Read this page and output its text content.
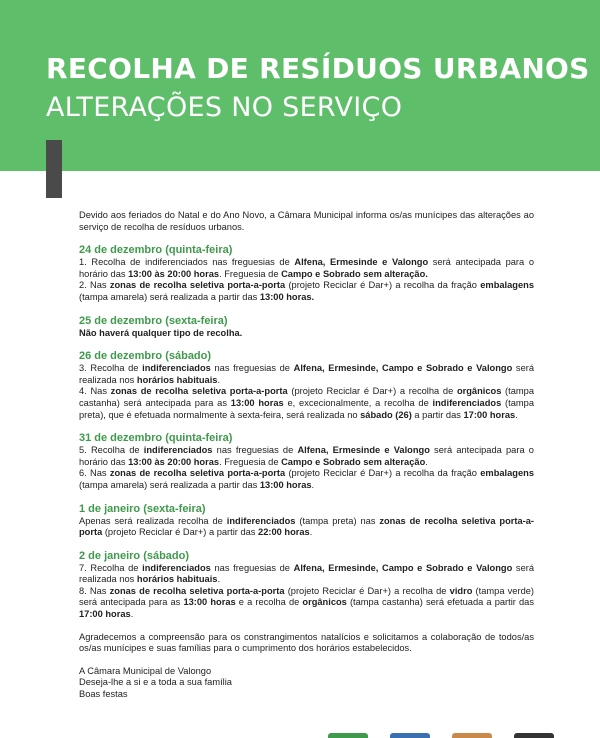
RECOLHA DE RESÍDUOS URBANOS
ALTERAÇÕES NO SERVIÇO

Devido aos feriados do Natal e do Ano Novo, a Câmara Municipal informa os/as munícipes das alterações ao serviço de recolha de resíduos urbanos.

24 de dezembro (quinta-feira)
1. Recolha de indiferenciados nas freguesias de Alfena, Ermesinde e Valongo será antecipada para o horário das 13:00 às 20:00 horas. Freguesia de Campo e Sobrado sem alteração.
2. Nas zonas de recolha seletiva porta-a-porta (projeto Reciclar é Dar+) a recolha da fração embalagens (tampa amarela) será realizada a partir das 13:00 horas.
25 de dezembro (sexta-feira)
Não haverá qualquer tipo de recolha.
26 de dezembro (sábado)
3. Recolha de indiferenciados nas freguesias de Alfena, Ermesinde, Campo e Sobrado e Valongo será realizada nos horários habituais.
4. Nas zonas de recolha seletiva porta-a-porta (projeto Reciclar é Dar+) a recolha de orgânicos (tampa castanha) será antecipada para as 13:00 horas e, excecionalmente, a recolha de indiferenciados (tampa preta), que é efetuada normalmente à sexta-feira, será realizada no sábado (26) a partir das 17:00 horas.
31 de dezembro (quinta-feira)
5. Recolha de indiferenciados nas freguesias de Alfena, Ermesinde e Valongo será antecipada para o horário das 13:00 às 20:00 horas. Freguesia de Campo e Sobrado sem alteração.
6. Nas zonas de recolha seletiva porta-a-porta (projeto Reciclar é Dar+) a recolha da fração embalagens (tampa amarela) será realizada a partir das 13:00 horas.
1 de janeiro (sexta-feira)
Apenas será realizada recolha de indiferenciados (tampa preta) nas zonas de recolha seletiva porta-a-porta (projeto Reciclar é Dar+) a partir das 22:00 horas.
2 de janeiro (sábado)
7. Recolha de indiferenciados nas freguesias de Alfena, Ermesinde, Campo e Sobrado e Valongo será realizada nos horários habituais.
8. Nas zonas de recolha seletiva porta-a-porta (projeto Reciclar é Dar+) a recolha de vidro (tampa verde) será antecipada para as 13:00 horas e a recolha de orgânicos (tampa castanha) será efetuada a partir das 17:00 horas.

Agradecemos a compreensão para os constrangimentos natalícios e solicitamos a colaboração de todos/as os/as munícipes e suas famílias para o cumprimento dos horários estabelecidos.

A Câmara Municipal de Valongo
Deseja-lhe a si e a toda a sua família
Boas festas
